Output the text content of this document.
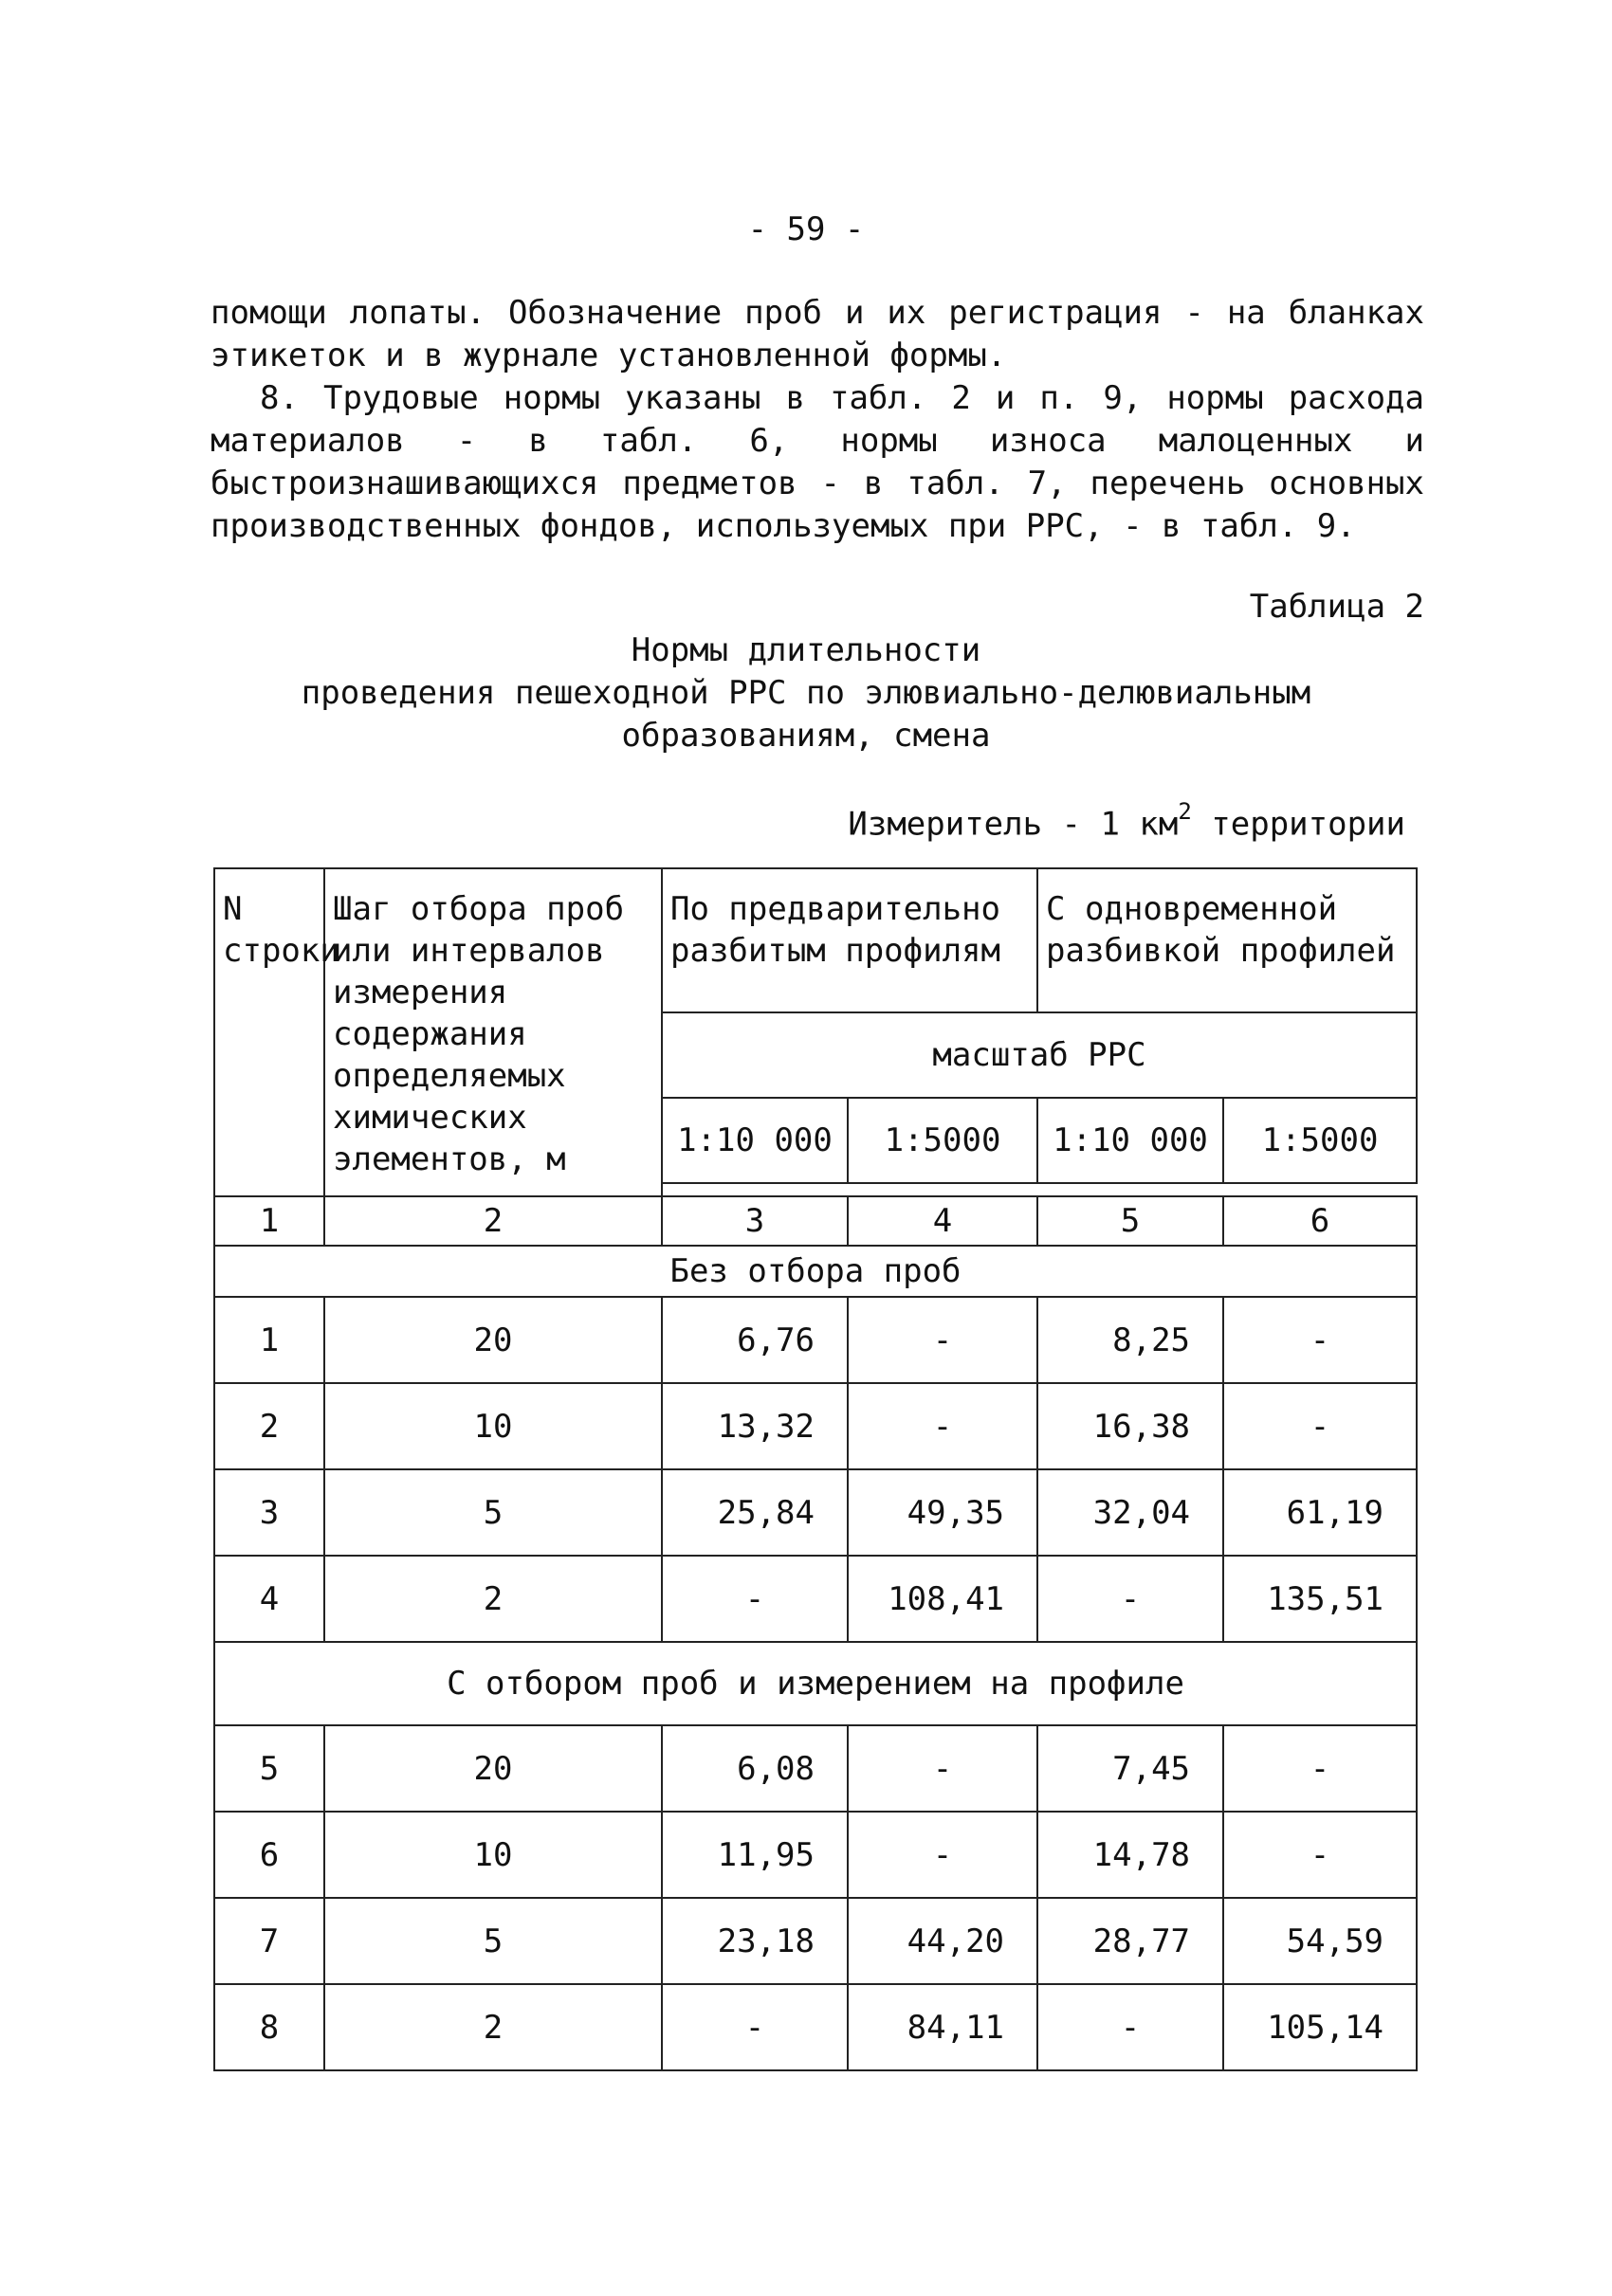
- 59 -
помощи лопаты. Обозначение проб и их регистрация - на бланках этикеток и в журнале установленной формы.
8. Трудовые нормы указаны в табл. 2 и п. 9, нормы расхода материалов - в табл. 6, нормы износа малоценных и быстроизнашивающихся предметов - в табл. 7, перечень основных производственных фондов, используемых при РРС, - в табл. 9.
Таблица 2
Нормы длительности
проведения пешеходной РРС по элювиально-делювиальным
образованиям, смена
Измеритель - 1 $км^2$ территории
N строки	Шаг отбора проб или интервалов измерения содержания определяемых химических элементов, м	По предварительно разбитым профилям		С одновременной разбивкой профилей	
		масштаб РРС			
		1:10 000	1:5000	1:10 000	1:5000

1	2	3	4	5	6
Без отбора проб					
1	20	6,76	-	8,25	-
2	10	13,32	-	16,38	-
3	5	25,84	49,35	32,04	61,19
4	2	-	108,41	-	135,51
С отбором проб и измерением на профиле					
5	20	6,08	-	7,45	-
6	10	11,95	-	14,78	-
7	5	23,18	44,20	28,77	54,59
8	2	-	84,11	-	105,14
